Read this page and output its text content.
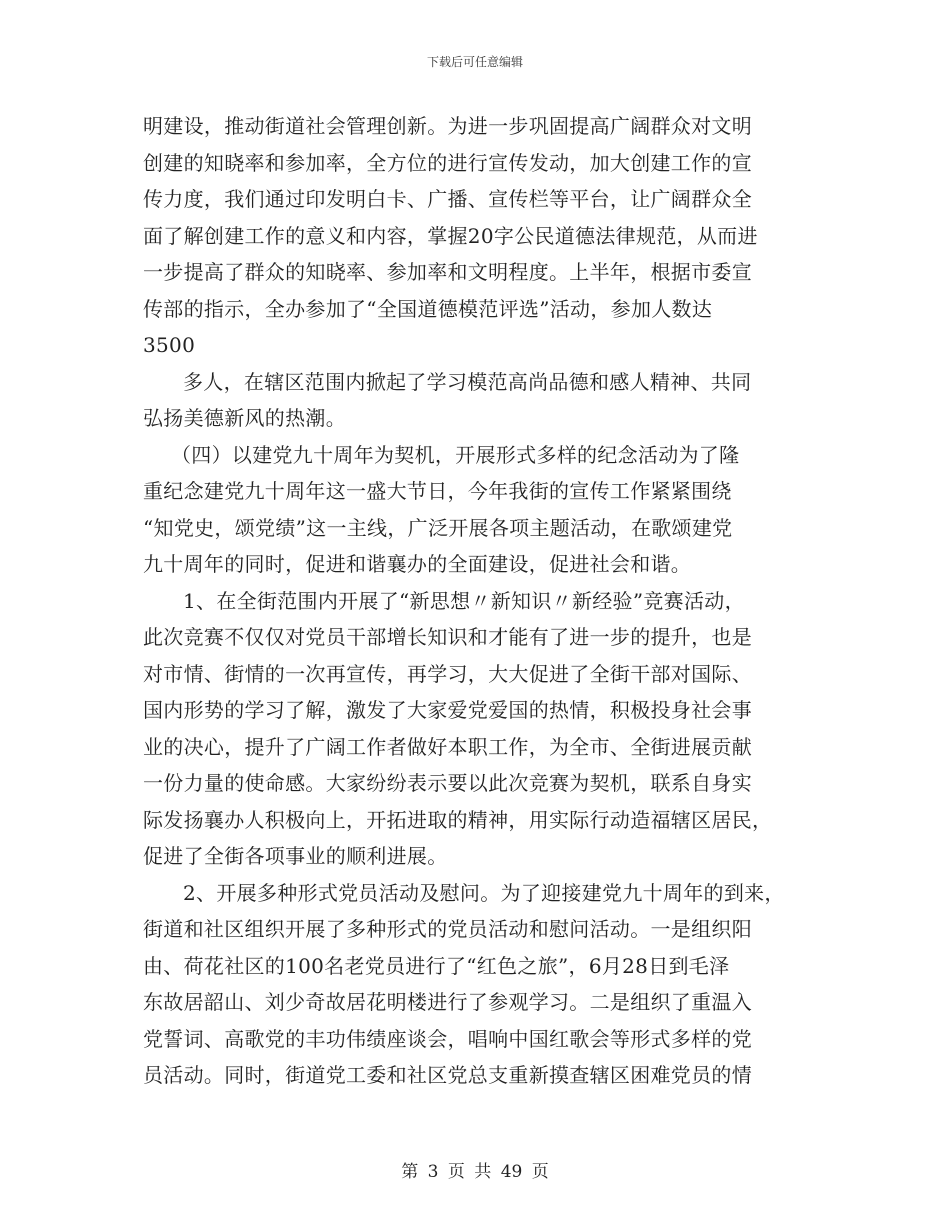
下载后可任意编辑
明建设，推动街道社会管理创新。为进一步巩固提高广阔群众对文明
创建的知晓率和参加率，全方位的进行宣传发动，加大创建工作的宣
传力度，我们通过印发明白卡、广播、宣传栏等平台，让广阔群众全
面了解创建工作的意义和内容，掌握20字公民道德法律规范，从而进
一步提高了群众的知晓率、参加率和文明程度。上半年，根据市委宣
传部的指示，全办参加了“全国道德模范评选”活动，参加人数达
3500
多人，在辖区范围内掀起了学习模范高尚品德和感人精神、共同
弘扬美德新风的热潮。
（四）以建党九十周年为契机，开展形式多样的纪念活动为了隆
重纪念建党九十周年这一盛大节日，今年我街的宣传工作紧紧围绕
“知党史，颂党绩”这一主线，广泛开展各项主题活动，在歌颂建党
九十周年的同时，促进和谐襄办的全面建设，促进社会和谐。
1、在全街范围内开展了“新思想〃新知识〃新经验”竞赛活动，
此次竞赛不仅仅对党员干部增长知识和才能有了进一步的提升，也是
对市情、街情的一次再宣传，再学习，大大促进了全街干部对国际、
国内形势的学习了解，激发了大家爱党爱国的热情，积极投身社会事
业的决心，提升了广阔工作者做好本职工作，为全市、全街进展贡献
一份力量的使命感。大家纷纷表示要以此次竞赛为契机，联系自身实
际发扬襄办人积极向上，开拓进取的精神，用实际行动造福辖区居民，
促进了全街各项事业的顺利进展。
2、开展多种形式党员活动及慰问。为了迎接建党九十周年的到来，
街道和社区组织开展了多种形式的党员活动和慰问活动。一是组织阳
由、荷花社区的100名老党员进行了“红色之旅”，6月28日到毛泽
东故居韶山、刘少奇故居花明楼进行了参观学习。二是组织了重温入
党誓词、高歌党的丰功伟绩座谈会，唱响中国红歌会等形式多样的党
员活动。同时，街道党工委和社区党总支重新摸查辖区困难党员的情
第 3 页 共 49 页
